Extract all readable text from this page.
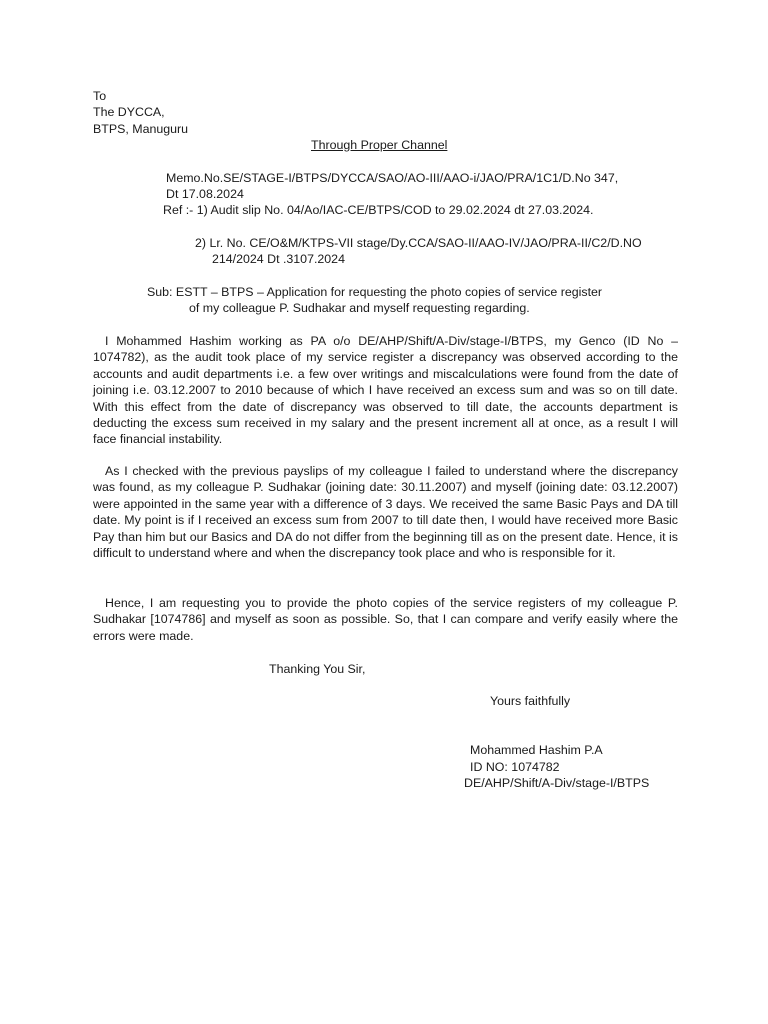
To
The DYCCA,
BTPS, Manuguru
Through Proper Channel
Memo.No.SE/STAGE-I/BTPS/DYCCA/SAO/AO-III/AAO-i/JAO/PRA/1C1/D.No 347,
Dt 17.08.2024
Ref :- 1) Audit slip No. 04/Ao/IAC-CE/BTPS/COD to 29.02.2024 dt 27.03.2024.
2) Lr. No. CE/O&M/KTPS-VII stage/Dy.CCA/SAO-II/AAO-IV/JAO/PRA-II/C2/D.NO
214/2024 Dt .3107.2024
Sub: ESTT – BTPS – Application for requesting the photo copies of service register
of my colleague P. Sudhakar and myself requesting regarding.

I Mohammed Hashim working as PA o/o DE/AHP/Shift/A-Div/stage-I/BTPS, my Genco (ID No – 1074782), as the audit took place of my service register a discrepancy was observed according to the accounts and audit departments i.e. a few over writings and miscalculations were found from the date of joining i.e. 03.12.2007 to 2010 because of which I have received an excess sum and was so on till date. With this effect from the date of discrepancy was observed to till date, the accounts department is deducting the excess sum received in my salary and the present increment all at once, as a result I will face financial instability.

As I checked with the previous payslips of my colleague I failed to understand where the discrepancy was found, as my colleague P. Sudhakar (joining date: 30.11.2007) and myself (joining date: 03.12.2007) were appointed in the same year with a difference of 3 days. We received the same Basic Pays and DA till date. My point is if I received an excess sum from 2007 to till date then, I would have received more Basic Pay than him but our Basics and DA do not differ from the beginning till as on the present date. Hence, it is difficult to understand where and when the discrepancy took place and who is responsible for it.

Hence, I am requesting you to provide the photo copies of the service registers of my colleague P. Sudhakar [1074786] and myself as soon as possible. So, that I can compare and verify easily where the errors were made.

Thanking You Sir,
Yours faithfully
Mohammed Hashim P.A
ID NO: 1074782
DE/AHP/Shift/A-Div/stage-I/BTPS
